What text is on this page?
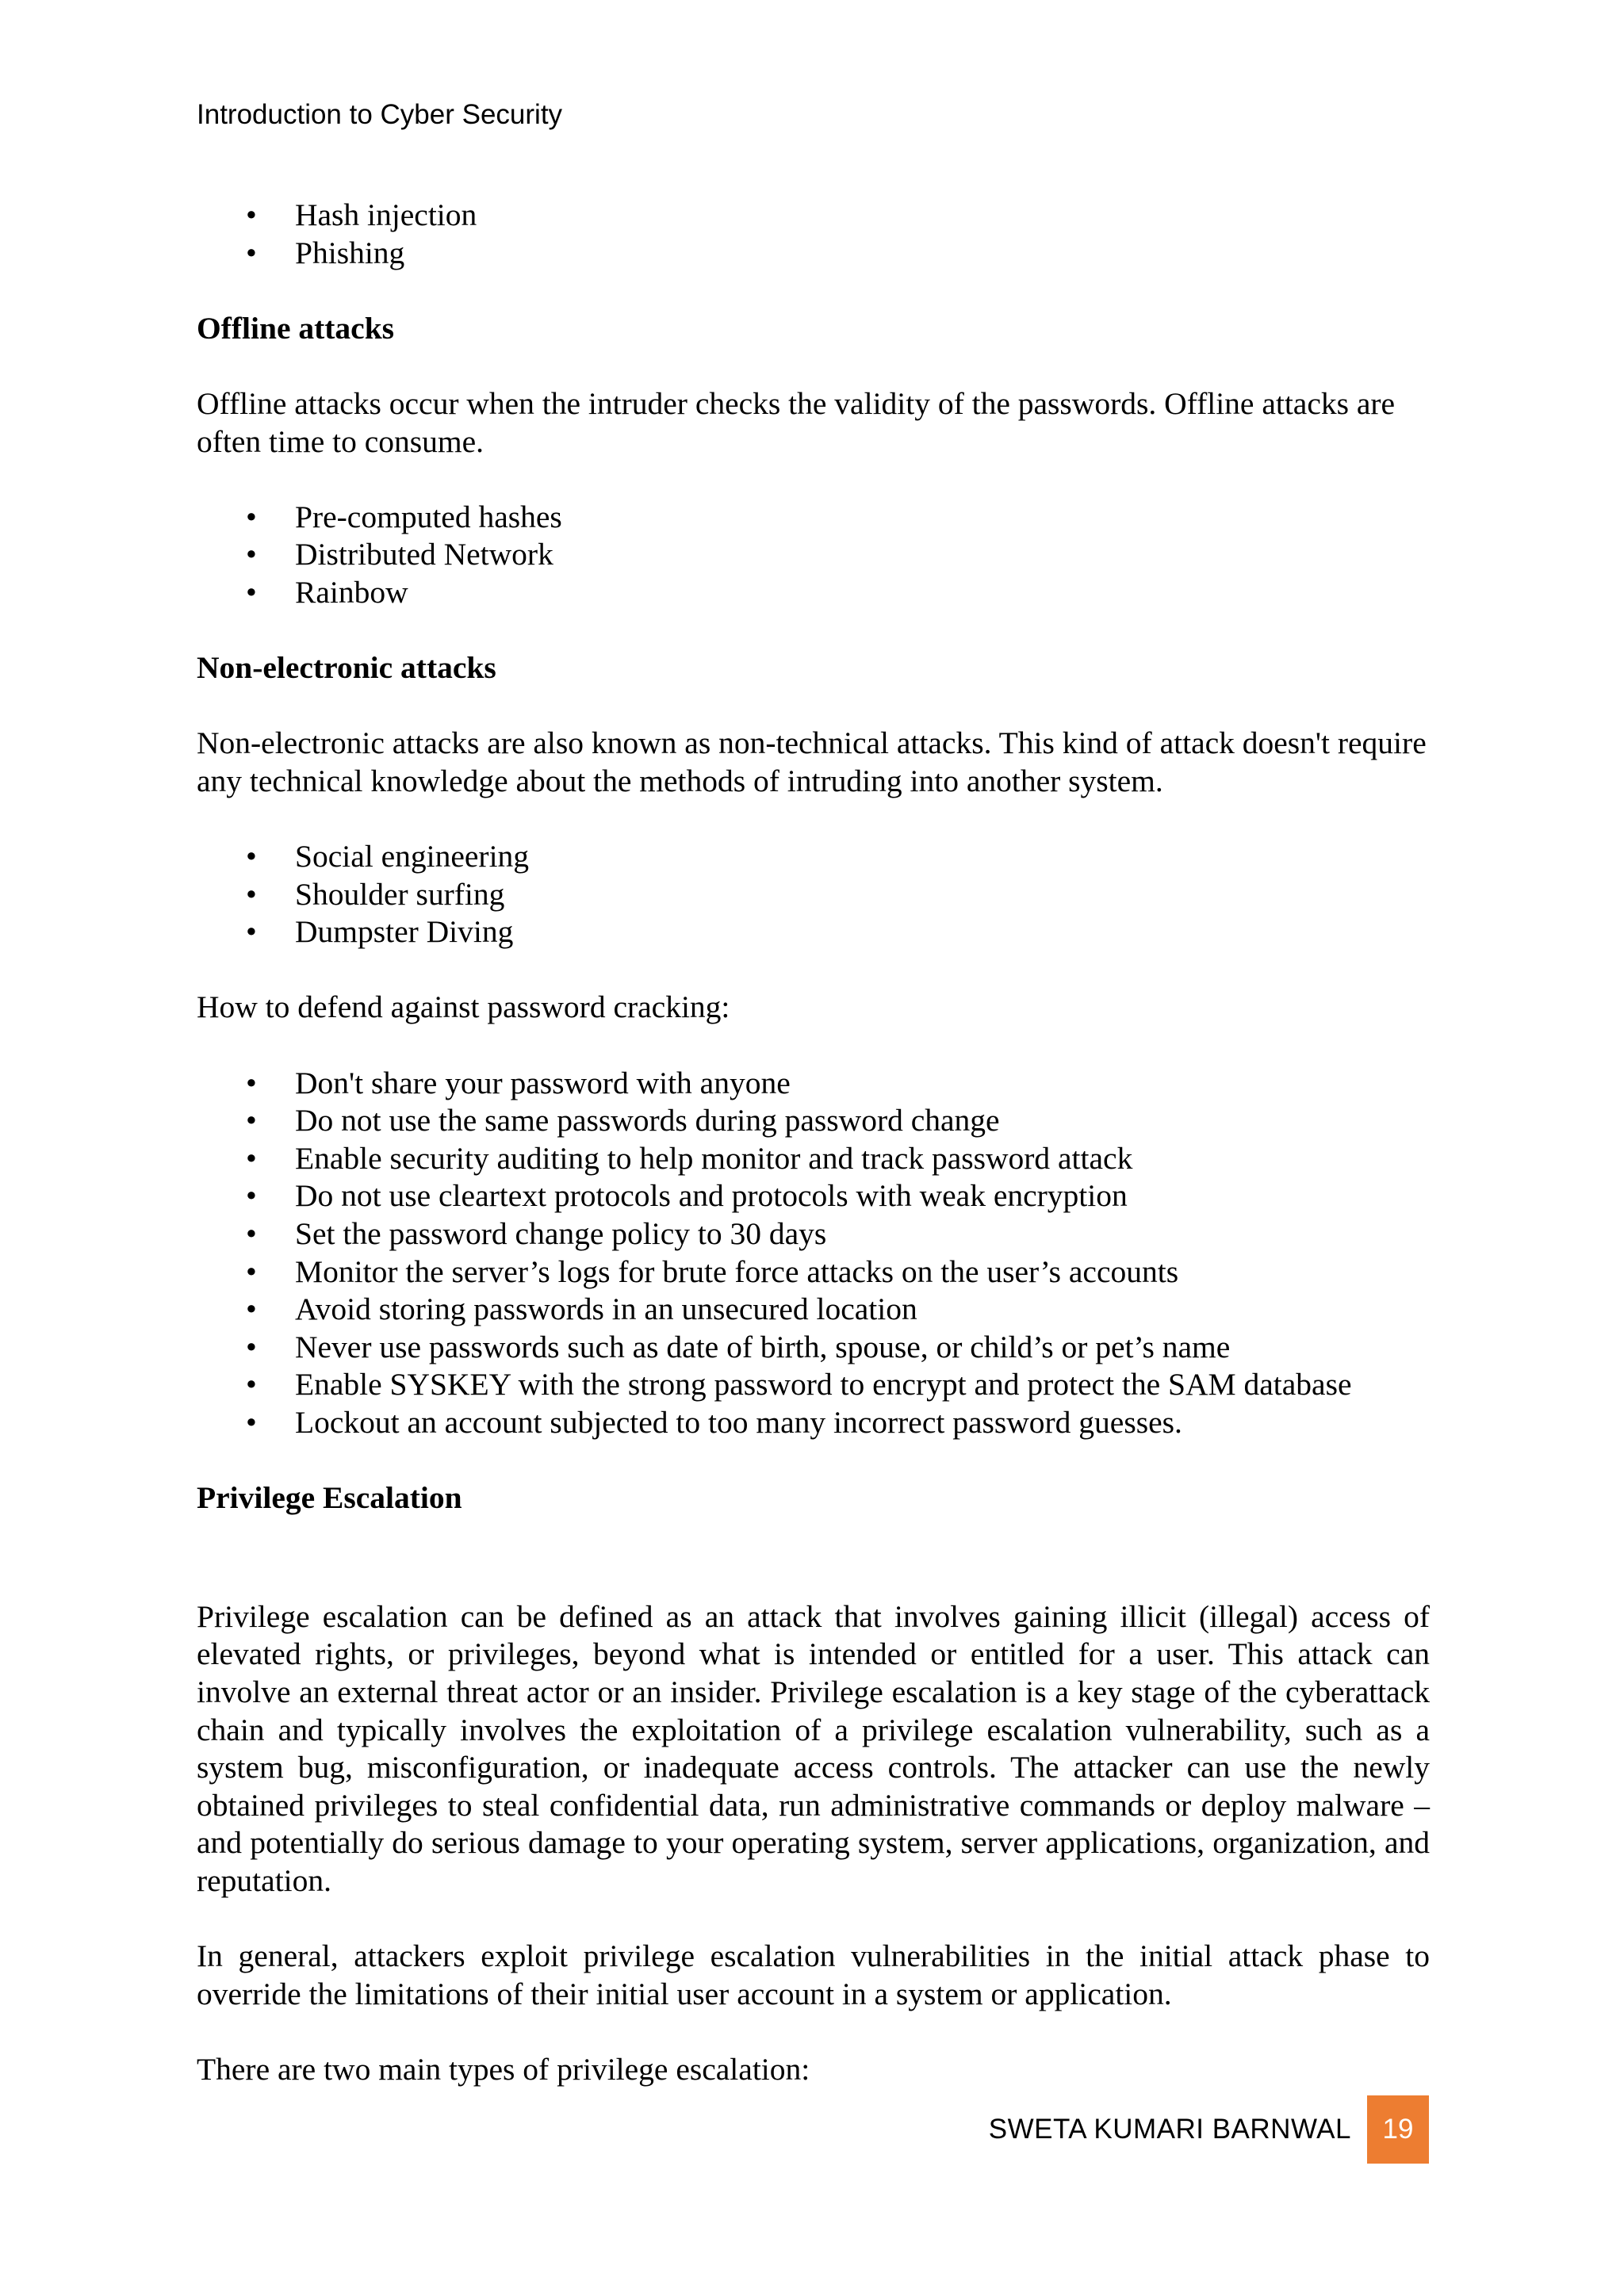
Introduction to Cyber Security
• Hash injection
• Phishing
Offline attacks

Offline attacks occur when the intruder checks the validity of the passwords. Offline attacks are often time to consume.

• Pre-computed hashes
• Distributed Network
• Rainbow
Non-electronic attacks

Non-electronic attacks are also known as non-technical attacks. This kind of attack doesn't require any technical knowledge about the methods of intruding into another system.

• Social engineering
• Shoulder surfing
• Dumpster Diving

How to defend against password cracking:

• Don't share your password with anyone
• Do not use the same passwords during password change
• Enable security auditing to help monitor and track password attack
• Do not use cleartext protocols and protocols with weak encryption
• Set the password change policy to 30 days
• Monitor the server’s logs for brute force attacks on the user’s accounts
• Avoid storing passwords in an unsecured location
• Never use passwords such as date of birth, spouse, or child’s or pet’s name
• Enable SYSKEY with the strong password to encrypt and protect the SAM database
• Lockout an account subjected to too many incorrect password guesses.
Privilege Escalation

Privilege escalation can be defined as an attack that involves gaining illicit (illegal) access of elevated rights, or privileges, beyond what is intended or entitled for a user. This attack can involve an external threat actor or an insider. Privilege escalation is a key stage of the cyberattack chain and typically involves the exploitation of a privilege escalation vulnerability, such as a system bug, misconfiguration, or inadequate access controls. The attacker can use the newly obtained privileges to steal confidential data, run administrative commands or deploy malware – and potentially do serious damage to your operating system, server applications, organization, and reputation.

In general, attackers exploit privilege escalation vulnerabilities in the initial attack phase to override the limitations of their initial user account in a system or application.

There are two main types of privilege escalation:

SWETA KUMARI BARNWAL	19
